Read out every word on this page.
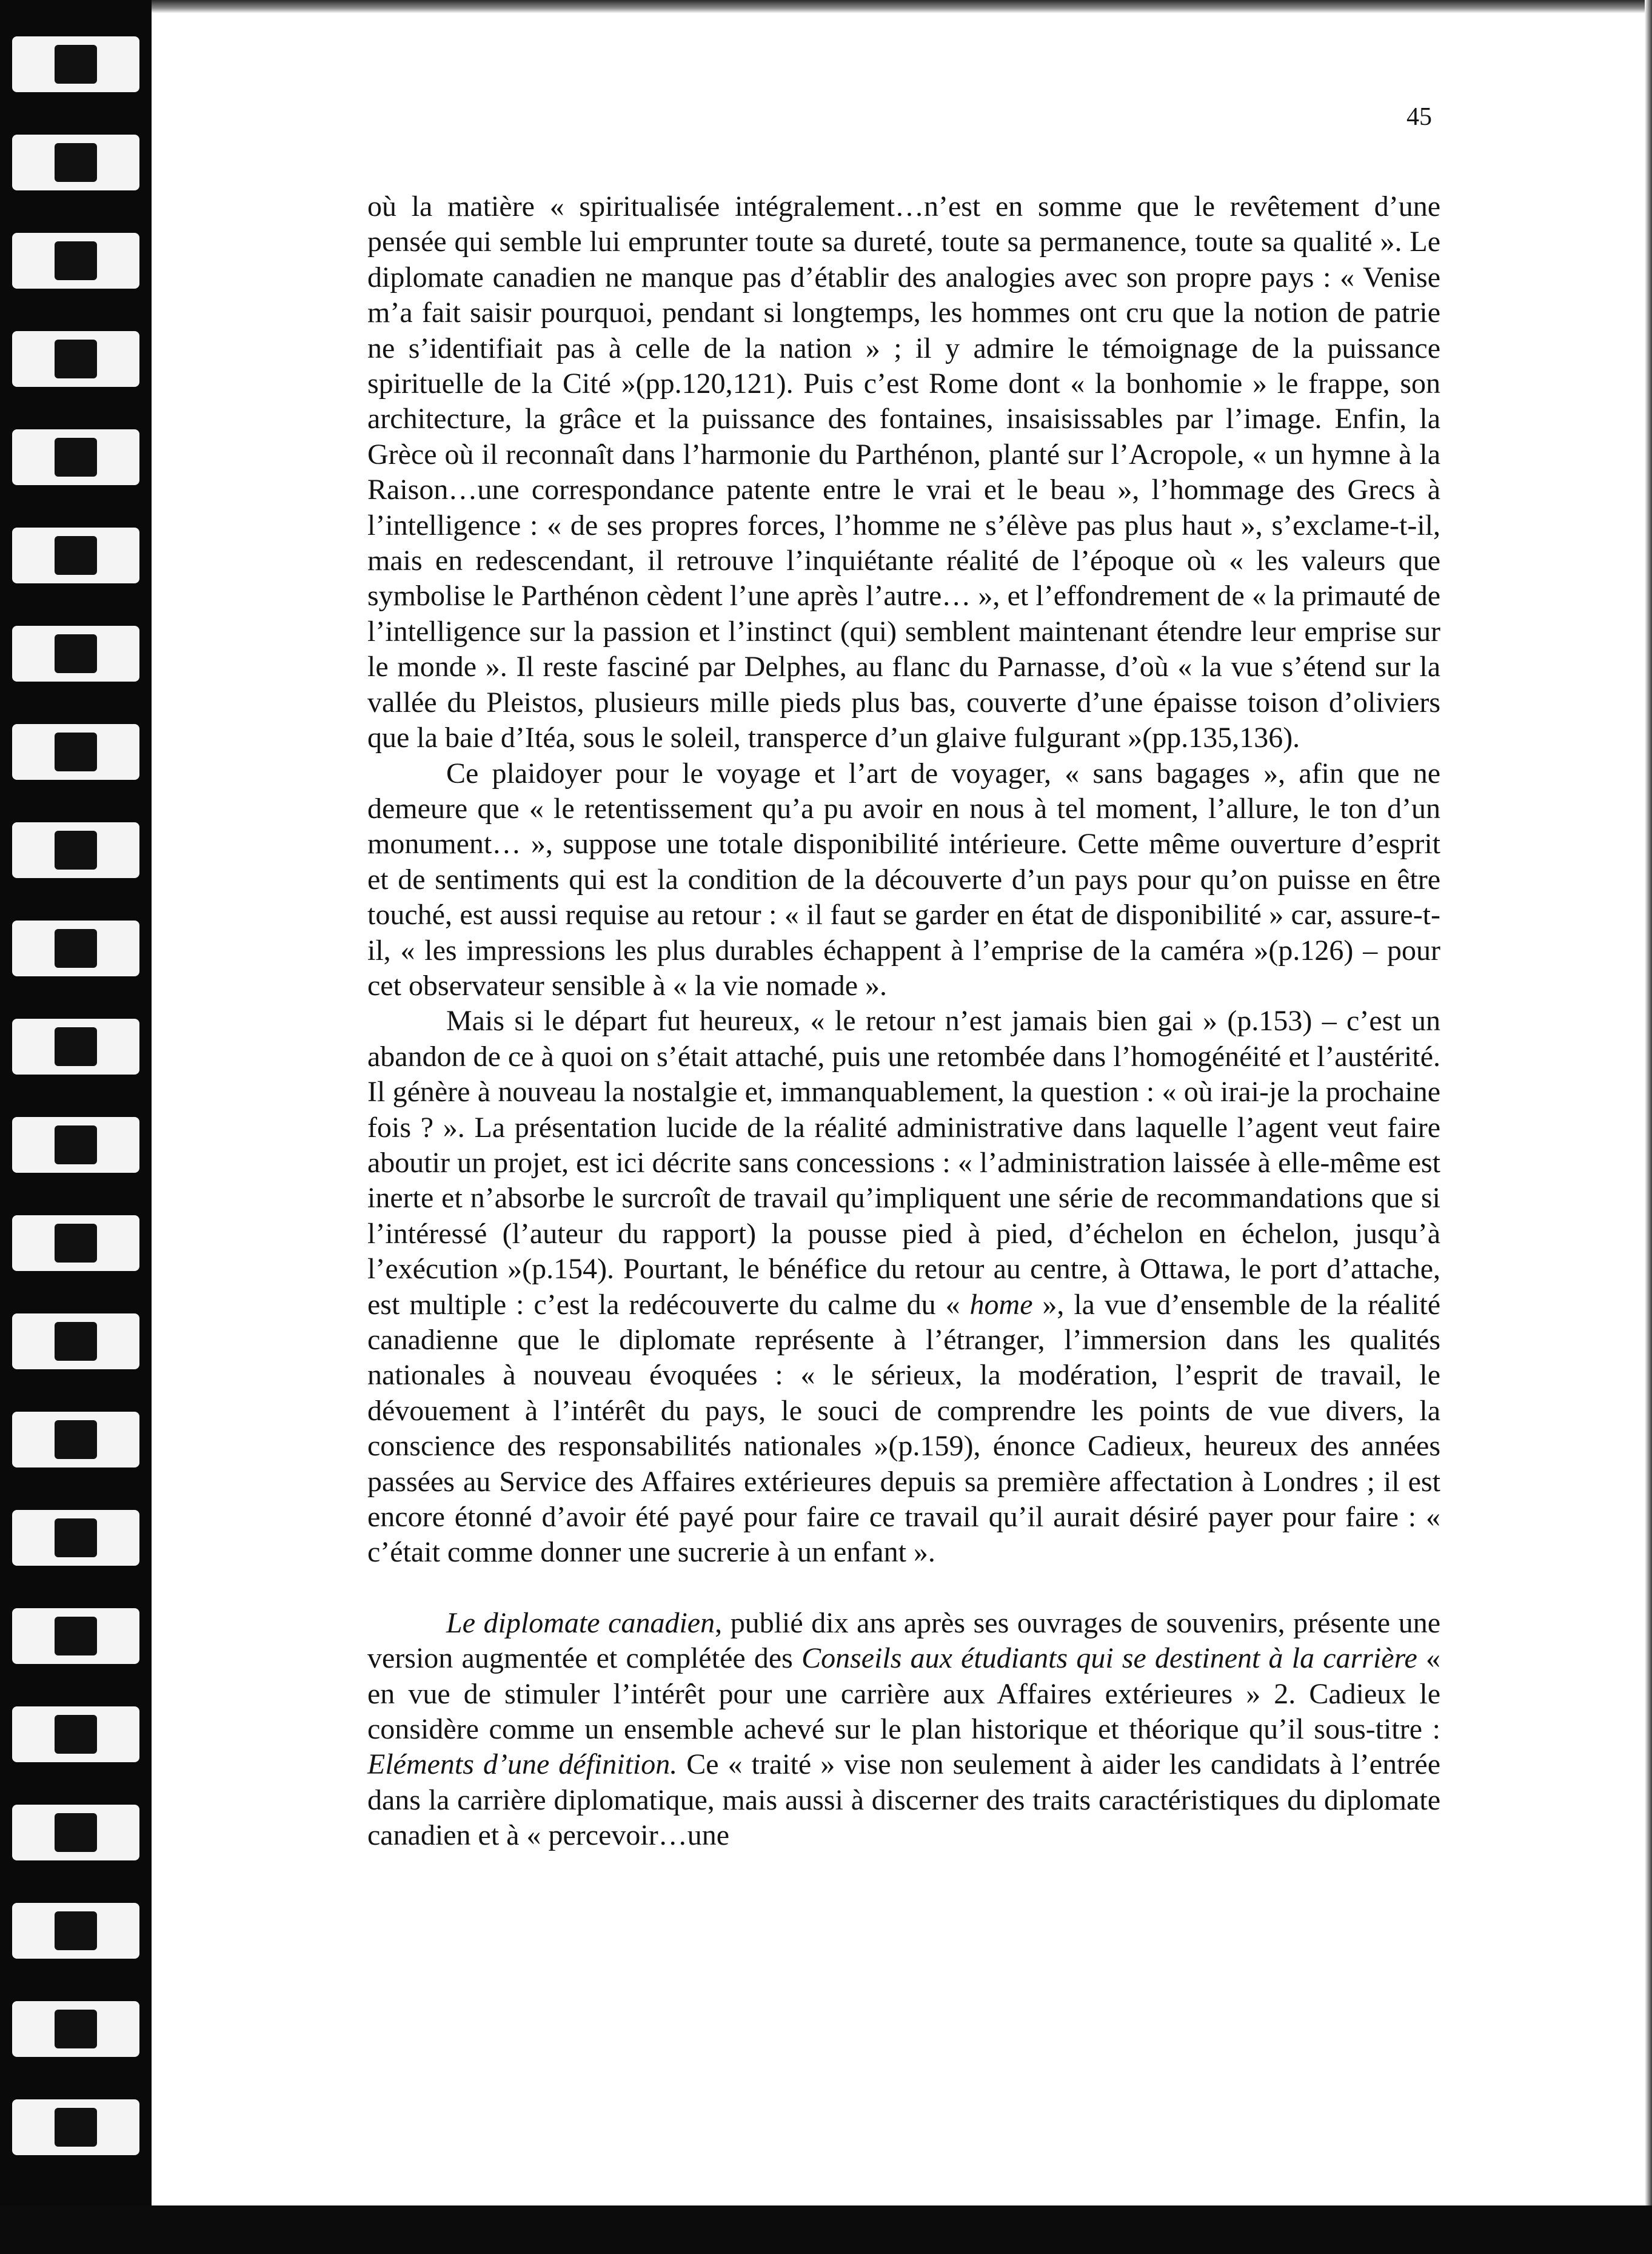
45

où la matière « spiritualisée intégralement…n’est en somme que le revêtement d’une pensée qui semble lui emprunter toute sa dureté, toute sa permanence, toute sa qualité ». Le diplomate canadien ne manque pas d’établir des analogies avec son propre pays : « Venise m’a fait saisir pourquoi, pendant si longtemps, les hommes ont cru que la notion de patrie ne s’identifiait pas à celle de la nation » ; il y admire le témoignage de la puissance spirituelle de la Cité »(pp.120,121). Puis c’est Rome dont « la bonhomie » le frappe, son architecture, la grâce et la puissance des fontaines, insaisissables par l’image. Enfin, la Grèce où il reconnaît dans l’harmonie du Parthénon, planté sur l’Acropole, « un hymne à la Raison…une correspondance patente entre le vrai et le beau », l’hommage des Grecs à l’intelligence : « de ses propres forces, l’homme ne s’élève pas plus haut », s’exclame-t-il, mais en redescendant, il retrouve l’inquiétante réalité de l’époque où « les valeurs que symbolise le Parthénon cèdent l’une après l’autre… », et l’effondrement de « la primauté de l’intelligence sur la passion et l’instinct (qui) semblent maintenant étendre leur emprise sur le monde ». Il reste fasciné par Delphes, au flanc du Parnasse, d’où « la vue s’étend sur la vallée du Pleistos, plusieurs mille pieds plus bas, couverte d’une épaisse toison d’oliviers que la baie d’Itéa, sous le soleil, transperce d’un glaive fulgurant »(pp.135,136).

Ce plaidoyer pour le voyage et l’art de voyager, « sans bagages », afin que ne demeure que « le retentissement qu’a pu avoir en nous à tel moment, l’allure, le ton d’un monument… », suppose une totale disponibilité intérieure. Cette même ouverture d’esprit et de sentiments qui est la condition de la découverte d’un pays pour qu’on puisse en être touché, est aussi requise au retour : « il faut se garder en état de disponibilité » car, assure-t-il, « les impressions les plus durables échappent à l’emprise de la caméra »(p.126) – pour cet observateur sensible à « la vie nomade ».

Mais si le départ fut heureux, « le retour n’est jamais bien gai » (p.153) – c’est un abandon de ce à quoi on s’était attaché, puis une retombée dans l’homogénéité et l’austérité. Il génère à nouveau la nostalgie et, immanquablement, la question : « où irai-je la prochaine fois ? ». La présentation lucide de la réalité administrative dans laquelle l’agent veut faire aboutir un projet, est ici décrite sans concessions : « l’administration laissée à elle-même est inerte et n’absorbe le surcroît de travail qu’impliquent une série de recommandations que si l’intéressé (l’auteur du rapport) la pousse pied à pied, d’échelon en échelon, jusqu’à l’exécution »(p.154). Pourtant, le bénéfice du retour au centre, à Ottawa, le port d’attache, est multiple : c’est la redécouverte du calme du « home », la vue d’ensemble de la réalité canadienne que le diplomate représente à l’étranger, l’immersion dans les qualités nationales à nouveau évoquées : « le sérieux, la modération, l’esprit de travail, le dévouement à l’intérêt du pays, le souci de comprendre les points de vue divers, la conscience des responsabilités nationales »(p.159), énonce Cadieux, heureux des années passées au Service des Affaires extérieures depuis sa première affectation à Londres ; il est encore étonné d’avoir été payé pour faire ce travail qu’il aurait désiré payer pour faire : « c’était comme donner une sucrerie à un enfant ».

Le diplomate canadien, publié dix ans après ses ouvrages de souvenirs, présente une version augmentée et complétée des Conseils aux étudiants qui se destinent à la carrière « en vue de stimuler l’intérêt pour une carrière aux Affaires extérieures » 2. Cadieux le considère comme un ensemble achevé sur le plan historique et théorique qu’il sous-titre : Eléments d’une définition. Ce « traité » vise non seulement à aider les candidats à l’entrée dans la carrière diplomatique, mais aussi à discerner des traits caractéristiques du diplomate canadien et à « percevoir…une
